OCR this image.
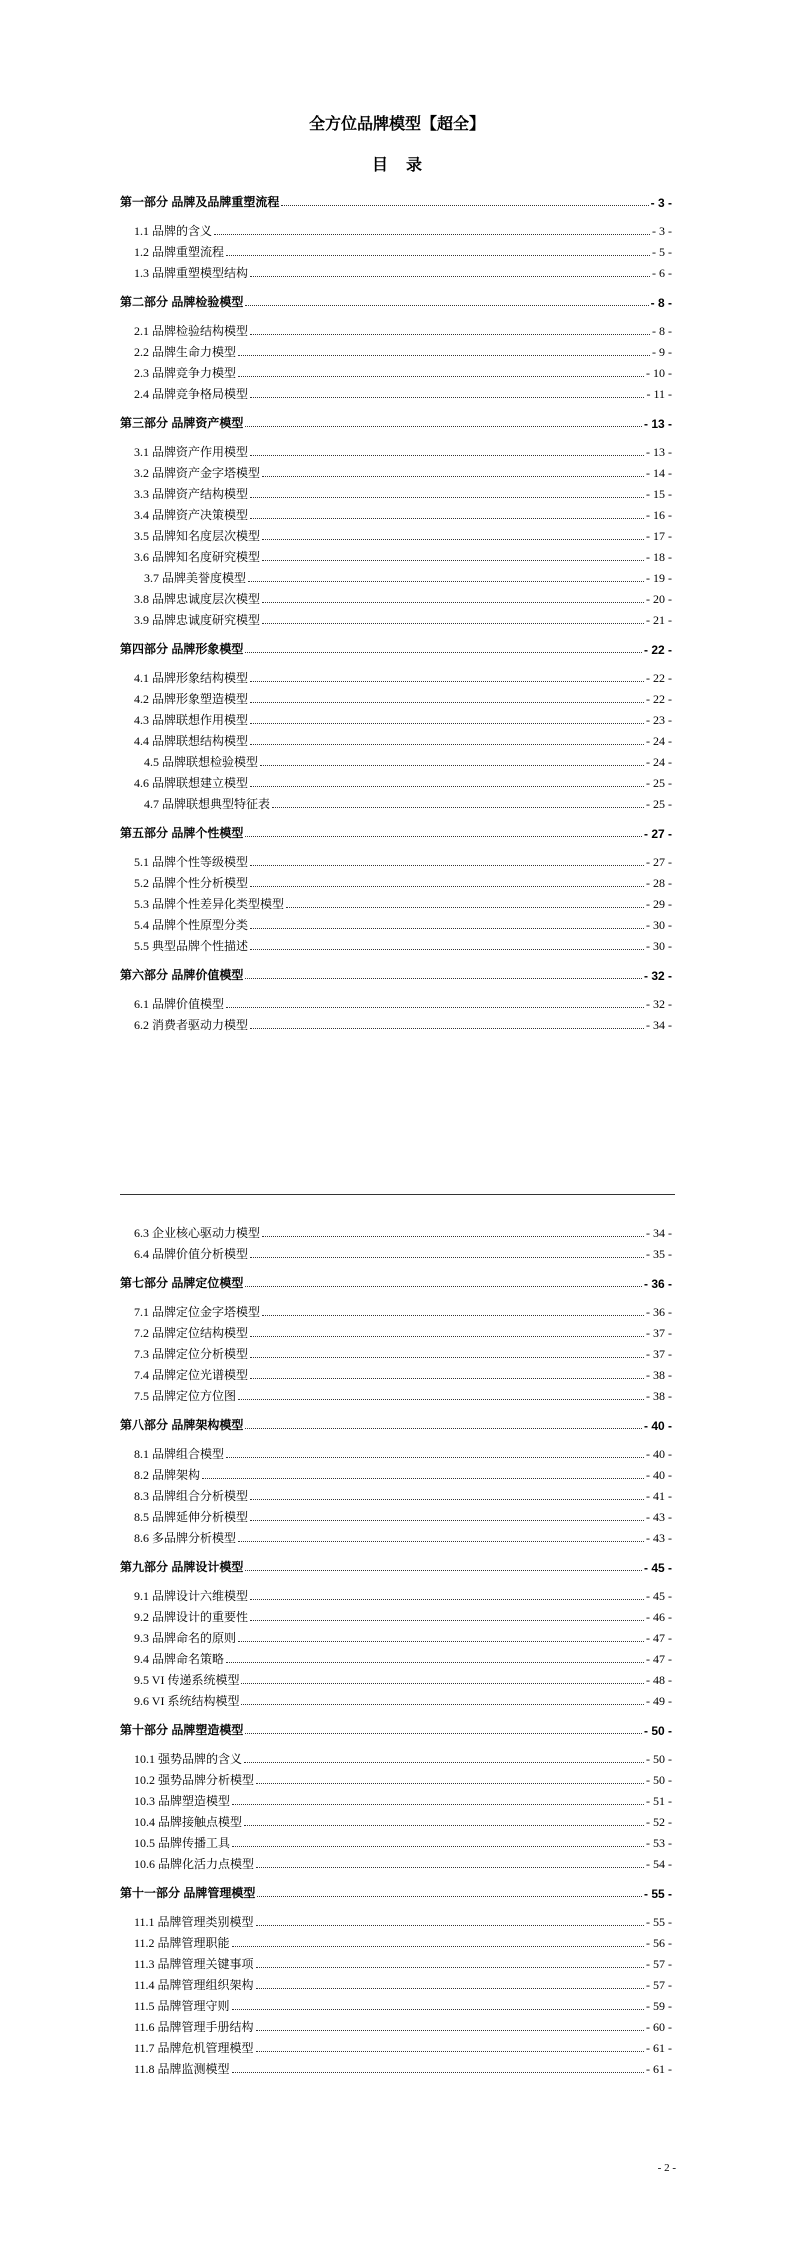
全方位品牌模型【超全】
目录
第一部分 品牌及品牌重塑流程	- 3 -
1.1 品牌的含义	- 3 -
1.2 品牌重塑流程	- 5 -
1.3 品牌重塑模型结构	- 6 -
第二部分 品牌检验模型	- 8 -
2.1 品牌检验结构模型	- 8 -
2.2 品牌生命力模型	- 9 -
2.3 品牌竞争力模型	- 10 -
2.4 品牌竞争格局模型	- 11 -
第三部分 品牌资产模型	- 13 -
3.1 品牌资产作用模型	- 13 -
3.2 品牌资产金字塔模型	- 14 -
3.3 品牌资产结构模型	- 15 -
3.4 品牌资产决策模型	- 16 -
3.5 品牌知名度层次模型	- 17 -
3.6 品牌知名度研究模型	- 18 -
3.7 品牌美誉度模型	- 19 -
3.8 品牌忠诚度层次模型	- 20 -
3.9 品牌忠诚度研究模型	- 21 -
第四部分 品牌形象模型	- 22 -
4.1 品牌形象结构模型	- 22 -
4.2 品牌形象塑造模型	- 22 -
4.3 品牌联想作用模型	- 23 -
4.4 品牌联想结构模型	- 24 -
4.5 品牌联想检验模型	- 24 -
4.6 品牌联想建立模型	- 25 -
4.7 品牌联想典型特征表	- 25 -
第五部分 品牌个性模型	- 27 -
5.1 品牌个性等级模型	- 27 -
5.2 品牌个性分析模型	- 28 -
5.3 品牌个性差异化类型模型	- 29 -
5.4 品牌个性原型分类	- 30 -
5.5 典型品牌个性描述	- 30 -
第六部分 品牌价值模型	- 32 -
6.1 品牌价值模型	- 32 -
6.2 消费者驱动力模型	- 34 -
6.3 企业核心驱动力模型	- 34 -
6.4 品牌价值分析模型	- 35 -
第七部分 品牌定位模型	- 36 -
7.1 品牌定位金字塔模型	- 36 -
7.2 品牌定位结构模型	- 37 -
7.3 品牌定位分析模型	- 37 -
7.4 品牌定位光谱模型	- 38 -
7.5 品牌定位方位图	- 38 -
第八部分 品牌架构模型	- 40 -
8.1 品牌组合模型	- 40 -
8.2 品牌架构	- 40 -
8.3 品牌组合分析模型	- 41 -
8.5 品牌延伸分析模型	- 43 -
8.6 多品牌分析模型	- 43 -
第九部分 品牌设计模型	- 45 -
9.1 品牌设计六维模型	- 45 -
9.2 品牌设计的重要性	- 46 -
9.3 品牌命名的原则	- 47 -
9.4 品牌命名策略	- 47 -
9.5 VI 传递系统模型	- 48 -
9.6 VI 系统结构模型	- 49 -
第十部分 品牌塑造模型	- 50 -
10.1 强势品牌的含义	- 50 -
10.2 强势品牌分析模型	- 50 -
10.3 品牌塑造模型	- 51 -
10.4 品牌接触点模型	- 52 -
10.5 品牌传播工具	- 53 -
10.6 品牌化活力点模型	- 54 -
第十一部分 品牌管理模型	- 55 -
11.1 品牌管理类别模型	- 55 -
11.2 品牌管理职能	- 56 -
11.3 品牌管理关键事项	- 57 -
11.4 品牌管理组织架构	- 57 -
11.5 品牌管理守则	- 59 -
11.6 品牌管理手册结构	- 60 -
11.7 品牌危机管理模型	- 61 -
11.8 品牌监测模型	- 61 -
- 2 -
